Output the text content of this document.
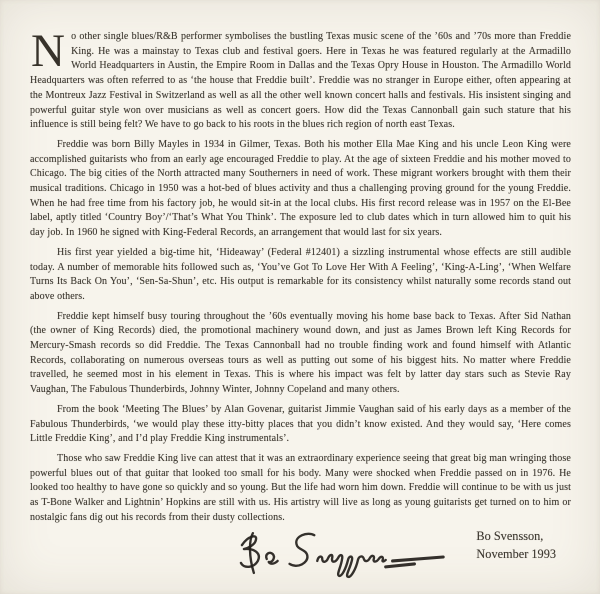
No other single blues/R&B performer symbolises the bustling Texas music scene of the ’60s and ’70s more than Freddie King. He was a mainstay to Texas club and festival goers. Here in Texas he was featured regularly at the Armadillo World Headquarters in Austin, the Empire Room in Dallas and the Texas Opry House in Houston. The Armadillo World Headquarters was often referred to as ‘the house that Freddie built’. Freddie was no stranger in Europe either, often appearing at the Montreux Jazz Festival in Switzerland as well as all the other well known concert halls and festivals. His insistent singing and powerful guitar style won over musicians as well as concert goers. How did the Texas Cannonball gain such stature that his influence is still being felt? We have to go back to his roots in the blues rich region of north east Texas.

Freddie was born Billy Mayles in 1934 in Gilmer, Texas. Both his mother Ella Mae King and his uncle Leon King were accomplished guitarists who from an early age encouraged Freddie to play. At the age of sixteen Freddie and his mother moved to Chicago. The big cities of the North attracted many Southerners in need of work. These migrant workers brought with them their musical traditions. Chicago in 1950 was a hot-bed of blues activity and thus a challenging proving ground for the young Freddie. When he had free time from his factory job, he would sit-in at the local clubs. His first record release was in 1957 on the El-Bee label, aptly titled ‘Country Boy’/‘That’s What You Think’. The exposure led to club dates which in turn allowed him to quit his day job. In 1960 he signed with King-Federal Records, an arrangement that would last for six years.

His first year yielded a big-time hit, ‘Hideaway’ (Federal #12401) a sizzling instrumental whose effects are still audible today. A number of memorable hits followed such as, ‘You’ve Got To Love Her With A Feeling’, ‘King-A-Ling’, ‘When Welfare Turns Its Back On You’, ‘Sen-Sa-Shun’, etc. His output is remarkable for its consistency whilst naturally some records stand out above others.

Freddie kept himself busy touring throughout the ’60s eventually moving his home base back to Texas. After Sid Nathan (the owner of King Records) died, the promotional machinery wound down, and just as James Brown left King Records for Mercury-Smash records so did Freddie. The Texas Cannonball had no trouble finding work and found himself with Atlantic Records, collaborating on numerous overseas tours as well as putting out some of his biggest hits. No matter where Freddie travelled, he seemed most in his element in Texas. This is where his impact was felt by latter day stars such as Stevie Ray Vaughan, The Fabulous Thunderbirds, Johnny Winter, Johnny Copeland and many others.

From the book ‘Meeting The Blues’ by Alan Govenar, guitarist Jimmie Vaughan said of his early days as a member of the Fabulous Thunderbirds, ‘we would play these itty-bitty places that you didn’t know existed. And they would say, ‘Here comes Little Freddie King’, and I’d play Freddie King instrumentals’.

Those who saw Freddie King live can attest that it was an extraordinary experience seeing that great big man wringing those powerful blues out of that guitar that looked too small for his body. Many were shocked when Freddie passed on in 1976. He looked too healthy to have gone so quickly and so young. But the life had worn him down. Freddie will continue to be with us just as T-Bone Walker and Lightnin’ Hopkins are still with us. His artistry will live as long as young guitarists get turned on to him or nostalgic fans dig out his records from their dusty collections.

Bo Svensson,
November 1993
